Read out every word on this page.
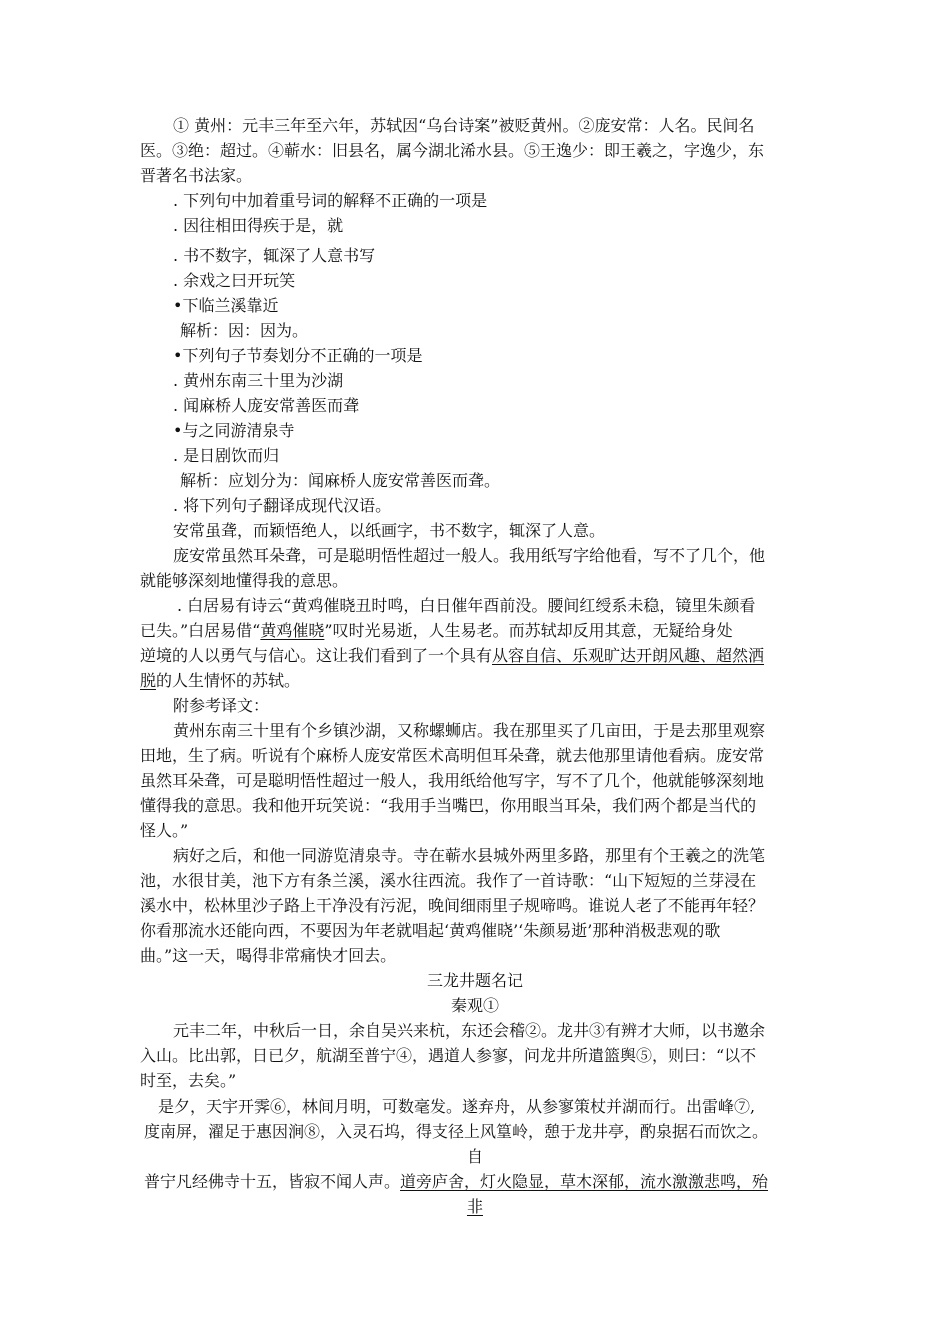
① 黄州：元丰三年至六年，苏轼因“乌台诗案”被贬黄州。②庞安常：人名。民间名
医。③绝：超过。④蕲水：旧县名，属今湖北浠水县。⑤王逸少：即王羲之，字逸少，东
晋著名书法家。
. 下列句中加着重号词的解释不正确的一项是
. 因往相田得疾于是，就
. 书不数字，辄深了人意书写
. 余戏之曰开玩笑
•下临兰溪靠近
解析：因：因为。
•下列句子节奏划分不正确的一项是
. 黄州东南三十里为沙湖
. 闻麻桥人庞安常善医而聋
•与之同游清泉寺
. 是日剧饮而归
解析：应划分为：闻麻桥人庞安常善医而聋。
. 将下列句子翻译成现代汉语。
安常虽聋，而颖悟绝人，以纸画字，书不数字，辄深了人意。
庞安常虽然耳朵聋，可是聪明悟性超过一般人。我用纸写字给他看，写不了几个，他
就能够深刻地懂得我的意思。
. 白居易有诗云“黄鸡催晓丑时鸣，白日催年酉前没。腰间红绶系未稳，镜里朱颜看
已失。”白居易借“黄鸡催晓”叹时光易逝，人生易老。而苏轼却反用其意，无疑给身处
逆境的人以勇气与信心。这让我们看到了一个具有从容自信、乐观旷达开朗风趣、超然洒
脱的人生情怀的苏轼。
附参考译文：
黄州东南三十里有个乡镇沙湖，又称螺蛳店。我在那里买了几亩田，于是去那里观察
田地，生了病。听说有个麻桥人庞安常医术高明但耳朵聋，就去他那里请他看病。庞安常
虽然耳朵聋，可是聪明悟性超过一般人，我用纸给他写字，写不了几个，他就能够深刻地
懂得我的意思。我和他开玩笑说：“我用手当嘴巴，你用眼当耳朵，我们两个都是当代的
怪人。”
病好之后，和他一同游览清泉寺。寺在蕲水县城外两里多路，那里有个王羲之的洗笔
池，水很甘美，池下方有条兰溪，溪水往西流。我作了一首诗歌：“山下短短的兰芽浸在
溪水中，松林里沙子路上干净没有污泥，晚间细雨里子规啼鸣。谁说人老了不能再年轻？
你看那流水还能向西，不要因为年老就唱起‘黄鸡催晓’‘朱颜易逝’那种消极悲观的歌
曲。”这一天，喝得非常痛快才回去。
三龙井题名记
秦观①
元丰二年，中秋后一日，余自吴兴来杭，东还会稽②。龙井③有辨才大师，以书邀余
入山。比出郭，日已夕，航湖至普宁④，遇道人参寥，问龙井所遣篮舆⑤，则曰：“以不
时至，去矣。”
是夕，天宇开霁⑥，林间月明，可数毫发。遂弃舟，从参寥策杖并湖而行。出雷峰⑦,
度南屏，濯足于惠因涧⑧，入灵石坞，得支径上风篁岭，憩于龙井亭，酌泉据石而饮之。
自
普宁凡经佛寺十五，皆寂不闻人声。道旁庐舍，灯火隐显，草木深郁，流水激激悲鸣，殆
非
